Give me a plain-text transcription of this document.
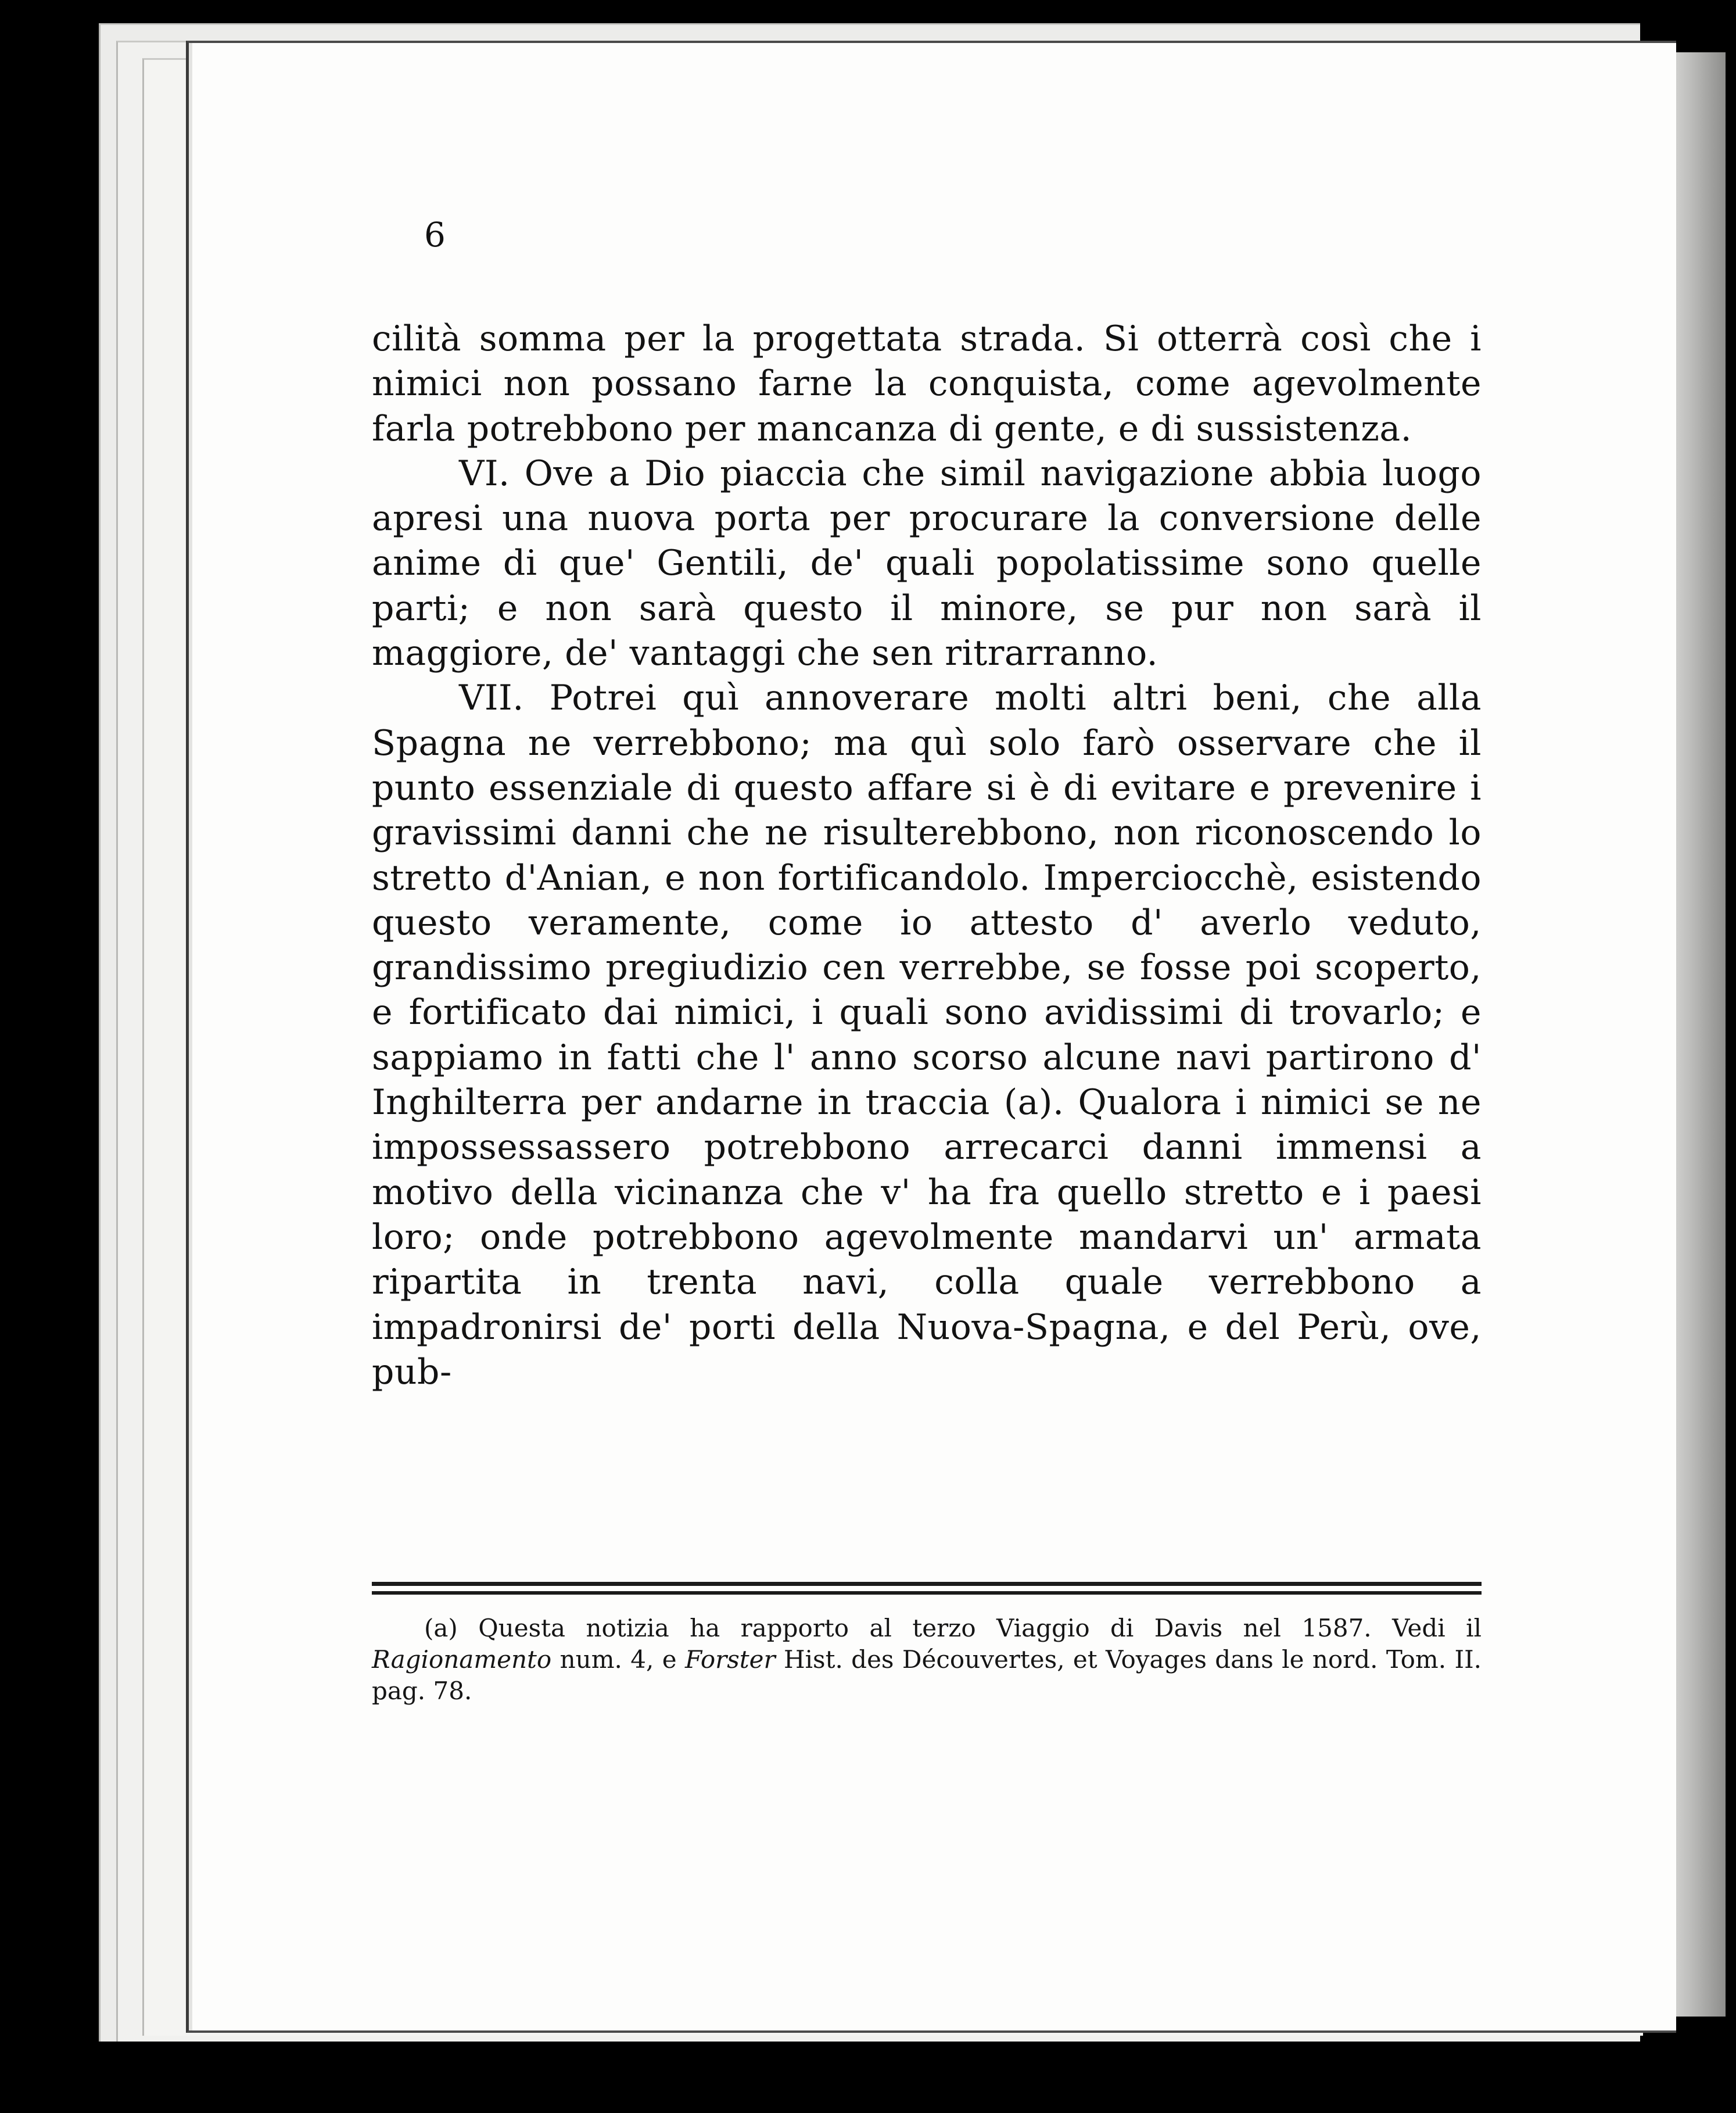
6

cilità somma per la progettata strada. Si otterrà così che i nimici non possano farne la conquista, come agevolmente farla potrebbono per mancanza di gente, e di sussistenza.

VI. Ove a Dio piaccia che simil navigazione abbia luogo apresi una nuova porta per procurare la conversione delle anime di que' Gentili, de' quali popolatissime sono quelle parti; e non sarà questo il minore, se pur non sarà il maggiore, de' vantaggi che sen ritrarranno.

VII. Potrei quì annoverare molti altri beni, che alla Spagna ne verrebbono; ma quì solo farò osservare che il punto essenziale di questo affare si è di evitare e prevenire i gravissimi danni che ne risulterebbono, non riconoscendo lo stretto d'Anian, e non fortificandolo. Imperciocchè, esistendo questo veramente, come io attesto d' averlo veduto, grandissimo pregiudizio cen verrebbe, se fosse poi scoperto, e fortificato dai nimici, i quali sono avidissimi di trovarlo; e sappiamo in fatti che l' anno scorso alcune navi partirono d' Inghilterra per andarne in traccia (a). Qualora i nimici se ne impossessassero potrebbono arrecarci danni immensi a motivo della vicinanza che v' ha fra quello stretto e i paesi loro; onde potrebbono agevolmente mandarvi un' armata ripartita in trenta navi, colla quale verrebbono a impadronirsi de' porti della Nuova-Spagna, e del Perù, ove, pub-

(a) Questa notizia ha rapporto al terzo Viaggio di Davis nel 1587. Vedi il Ragionamento num. 4, e Forster Hist. des Découvertes, et Voyages dans le nord. Tom. II. pag. 78.
